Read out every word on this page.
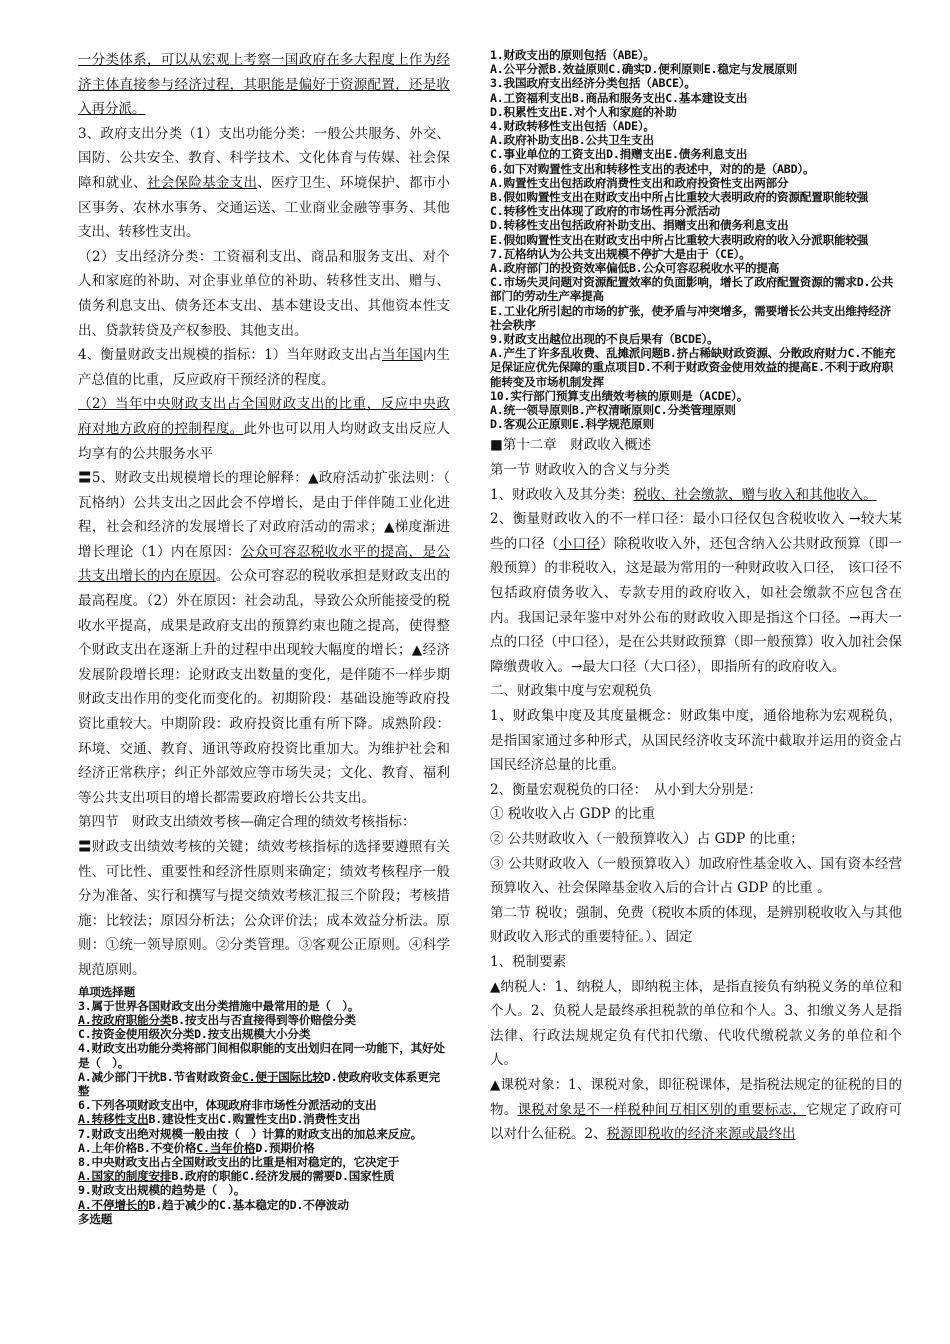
一分类体系，可以从宏观上考察一国政府在多大程度上作为经济主体直接参与经济过程，其职能是偏好于资源配置，还是收入再分派。

3、政府支出分类（1）支出功能分类：一般公共服务、外交、国防、公共安全、教育、科学技术、文化体育与传媒、社会保障和就业、社会保险基金支出、医疗卫生、环境保护、都市小区事务、农林水事务、交通运送、工业商业金融等事务、其他支出、转移性支出。

（2）支出经济分类：工资福利支出、商品和服务支出、对个人和家庭的补助、对企事业单位的补助、转移性支出、赠与、债务利息支出、债务还本支出、基本建设支出、其他资本性支出、贷款转贷及产权参股、其他支出。

4、衡量财政支出规模的指标：1）当年财政支出占当年国内生产总值的比重，反应政府干预经济的程度。

（2）当年中央财政支出占全国财政支出的比重，反应中央政府对地方政府的控制程度。此外也可以用人均财政支出反应人均享有的公共服务水平

〓5、财政支出规模增长的理论解释：▲政府活动扩张法则：（　瓦格纳）公共支出之因此会不停增长，是由于伴伴随工业化进程，社会和经济的发展增长了对政府活动的需求；▲梯度渐进增长理论（1）内在原因：公众可容忍税收水平的提高，是公共支出增长的内在原因。公众可容忍的税收承担是财政支出的最高程度。（2）外在原因：社会动乱，导致公众所能接受的税收水平提高，成果是政府支出的预算约束也随之提高，使得整个财政支出在逐渐上升的过程中出现较大幅度的增长；▲经济发展阶段增长理：论财政支出数量的变化，是伴随不一样步期财政支出作用的变化而变化的。初期阶段：基础设施等政府投资比重较大。中期阶段：政府投资比重有所下降。成熟阶段：环境、交通、教育、通讯等政府投资比重加大。为维护社会和经济正常秩序；纠正外部效应等市场失灵；文化、教育、福利等公共支出项目的增长都需要政府增长公共支出。

第四节　财政支出绩效考核—确定合理的绩效考核指标：

〓财政支出绩效考核的关键；绩效考核指标的选择要遵照有关性、可比性、重要性和经济性原则来确定；绩效考核程序一般分为准备、实行和撰写与提交绩效考核汇报三个阶段；考核措施：比较法；原因分析法；公众评价法；成本效益分析法。原则：①统一领导原则。②分类管理。③客观公正原则。④科学规范原则。

单项选择题

3.属于世界各国财政支出分类措施中最常用的是（　）。

A.按政府职能分类B.按支出与否直接得到等价赔偿分类

C.按资金使用级次分类D.按支出规模大小分类

4.财政支出功能分类将部门间相似职能的支出划归在同一功能下，其好处是（　）。

A.减少部门干扰B.节省财政资金C.便于国际比较D.使政府收支体系更完整

6.下列各项财政支出中，体现政府非市场性分派活动的支出

A.转移性支出B.建设性支出C.购置性支出D.消费性支出

7.财政支出绝对规模一般由按（　）计算的财政支出的加总来反应。

A.上年价格B.不变价格C.当年价格D.预期价格

8.中央财政支出占全国财政支出的比重是相对稳定的，它决定于

A.国家的制度安排B.政府的职能C.经济发展的需要D.国家性质

9.财政支出规模的趋势是（　）。

A.不停增长的B.趋于减少的C.基本稳定的D.不停波动

多选题

1.财政支出的原则包括（ABE）。

A.公平分派B.效益原则C.确实D.便利原则E.稳定与发展原则

3.我国政府支出经济分类包括（ABCE）。

A.工资福利支出B.商品和服务支出C.基本建设支出

D.积累性支出E.对个人和家庭的补助

4.财政转移性支出包括（ADE）。

A.政府补助支出B.公共卫生支出

C.事业单位的工资支出D.捐赠支出E.债务利息支出

6.如下对购置性支出和转移性支出的表述中，对的的是（ABD）。

A.购置性支出包括政府消费性支出和政府投资性支出两部分

B.假如购置性支出在财政支出中所占比重较大表明政府的资源配置职能较强

C.转移性支出体现了政府的市场性再分派活动

D.转移性支出包括政府补助支出、捐赠支出和债务利息支出

E.假如购置性支出在财政支出中所占比重较大表明政府的收入分派职能较强

7.瓦格纳认为公共支出规模不停扩大是由于（CE）。

A.政府部门的投资效率偏低B.公众可容忍税收水平的提高

C.市场失灵问题对资源配置效率的负面影响，增长了政府配置资源的需求D.公共部门的劳动生产率提高

E.工业化所引起的市场的扩张，使矛盾与冲突增多，需要增长公共支出维持经济社会秩序

9.财政支出越位出现的不良后果有（BCDE）。

A.产生了许多乱收费、乱摊派问题B.挤占稀缺财政资源、分散政府财力C.不能充足保证应优先保障的重点项目D.不利于财政资金使用效益的提高E.不利于政府职能转变及市场机制发挥

10.实行部门预算支出绩效考核的原则是（ACDE）。

A.统一领导原则B.产权清晰原则C.分类管理原则

D.客观公正原则E.科学规范原则

■第十二章　财政收入概述

第一节 财政收入的含义与分类

1、财政收入及其分类：税收、社会缴款、赠与收入和其他收入。

2、衡量财政收入的不一样口径：最小口径仅包含税收收入 →较大某些的口径（小口径）除税收收入外，还包含纳入公共财政预算（即一般预算）的非税收入，这是最为常用的一种财政收入口径， 该口径不包括政府债务收入、专款专用的政府收入，如社会缴款不应包含在内。我国记录年鉴中对外公布的财政收入即是指这个口径。→再大一点的口径（中口径），是在公共财政预算（即一般预算）收入加社会保障缴费收入。→最大口径（大口径），即指所有的政府收入。

二、财政集中度与宏观税负

1、财政集中度及其度量概念：财政集中度，通俗地称为宏观税负，是指国家通过多种形式，从国民经济收支环流中截取并运用的资金占国民经济总量的比重。

2、衡量宏观税负的口径：　从小到大分别是：

① 税收收入占 GDP 的比重

② 公共财政收入（一般预算收入）占 GDP 的比重；

③ 公共财政收入（一般预算收入）加政府性基金收入、国有资本经营预算收入、社会保障基金收入后的合计占 GDP 的比重 。

第二节 税收；强制、免费（税收本质的体现，是辨别税收收入与其他财政收入形式的重要特征。）、固定

1、税制要素

▲纳税人：1、纳税人，即纳税主体，是指直接负有纳税义务的单位和个人。2、负税人是最终承担税款的单位和个人。3、扣缴义务人是指法律、行政法规规定负有代扣代缴、代收代缴税款义务的单位和个人。

▲课税对象：1、课税对象，即征税课体，是指税法规定的征税的目的物。课税对象是不一样税种间互相区别的重要标志，它规定了政府可以对什么征税。2、税源即税收的经济来源或最终出
